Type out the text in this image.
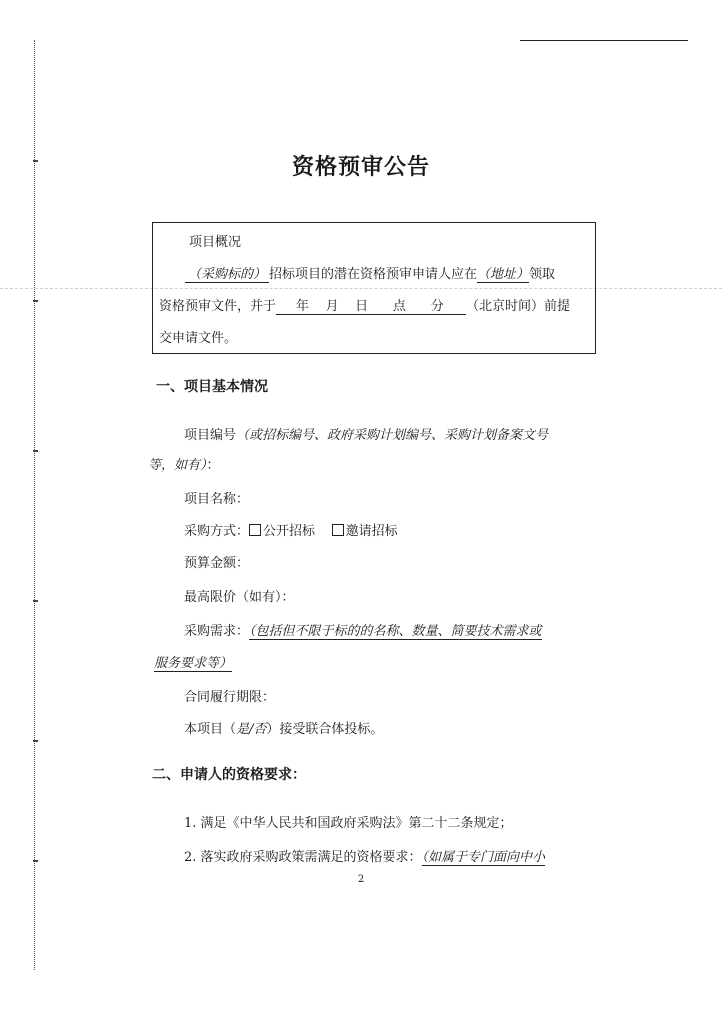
资格预审公告
项目概况
（采购标的） 招标项目的潜在资格预审申请人应在（地址）领取
资格预审文件，并于 年 月 日 点 分 （北京时间）前提
交申请文件。
一、项目基本情况
项目编号（或招标编号、政府采购计划编号、采购计划备案文号
等，如有）：
项目名称：
采购方式： 公开招标 邀请招标
预算金额：
最高限价（如有）：
采购需求：（包括但不限于标的的名称、数量、简要技术需求或
服务要求等）
合同履行期限：
本项目（是/否）接受联合体投标。
二、申请人的资格要求：
1. 满足《中华人民共和国政府采购法》第二十二条规定；
2. 落实政府采购政策需满足的资格要求：（如属于专门面向中小
2
